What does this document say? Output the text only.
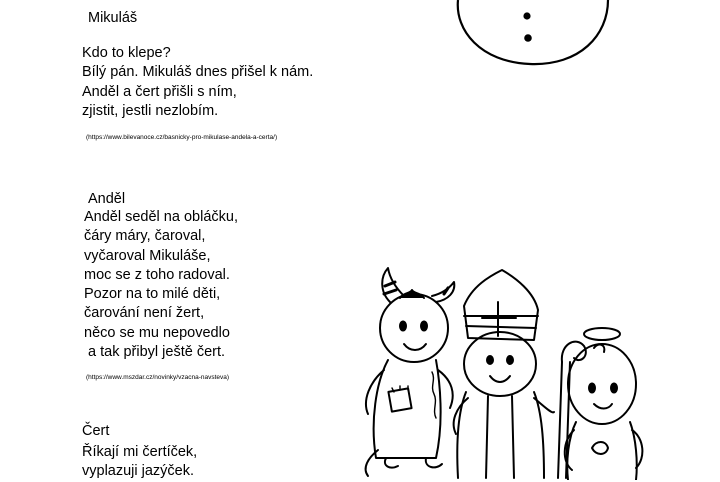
Mikuláš
Kdo to klepe?
Bílý pán. Mikuláš dnes přišel k nám.
Anděl a čert přišli s ním,
zjistit, jestli nezlobím.
(https://www.bilevanoce.cz/basnicky-pro-mikulase-andela-a-certa/)
Anděl
Anděl seděl na obláčku,
čáry máry, čaroval,
vyčaroval Mikuláše,
moc se z toho radoval.
Pozor na to milé děti,
čarování není žert,
něco se mu nepovedlo
a tak přibyl ještě čert.
(https://www.mszdar.cz/novinky/vzacna-navsteva)
Čert
Říkají mi čertíček,
vyplazuji jazýček.
